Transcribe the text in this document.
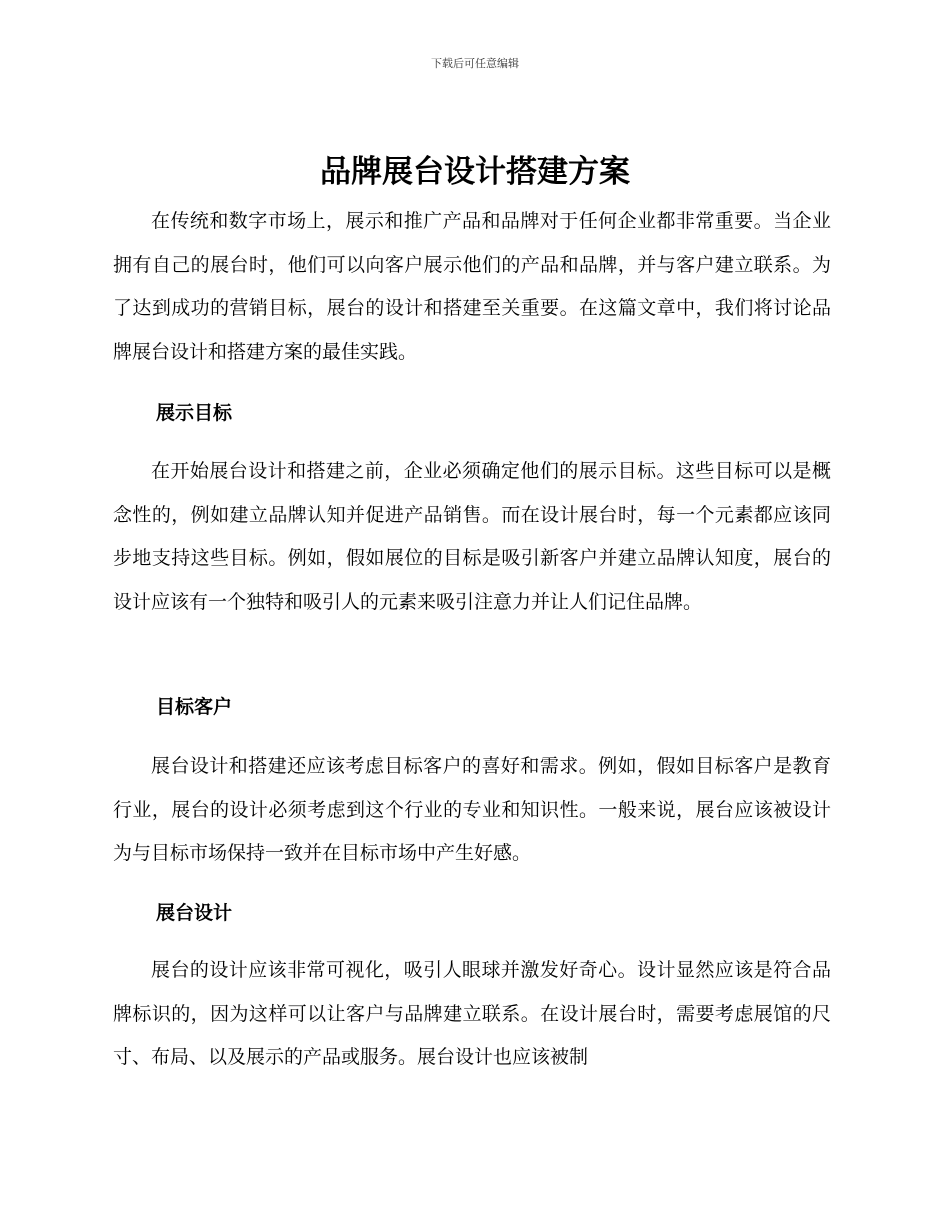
下载后可任意编辑
品牌展台设计搭建方案

在传统和数字市场上，展示和推广产品和品牌对于任何企业都非常重要。当企业拥有自己的展台时，他们可以向客户展示他们的产品和品牌，并与客户建立联系。为了达到成功的营销目标，展台的设计和搭建至关重要。在这篇文章中，我们将讨论品牌展台设计和搭建方案的最佳实践。

展示目标

在开始展台设计和搭建之前，企业必须确定他们的展示目标。这些目标可以是概念性的，例如建立品牌认知并促进产品销售。而在设计展台时，每一个元素都应该同步地支持这些目标。例如，假如展位的目标是吸引新客户并建立品牌认知度，展台的设计应该有一个独特和吸引人的元素来吸引注意力并让人们记住品牌。

目标客户

展台设计和搭建还应该考虑目标客户的喜好和需求。例如，假如目标客户是教育行业，展台的设计必须考虑到这个行业的专业和知识性。一般来说，展台应该被设计为与目标市场保持一致并在目标市场中产生好感。

展台设计

展台的设计应该非常可视化，吸引人眼球并激发好奇心。设计显然应该是符合品牌标识的，因为这样可以让客户与品牌建立联系。在设计展台时，需要考虑展馆的尺寸、布局、以及展示的产品或服务。展台设计也应该被制
